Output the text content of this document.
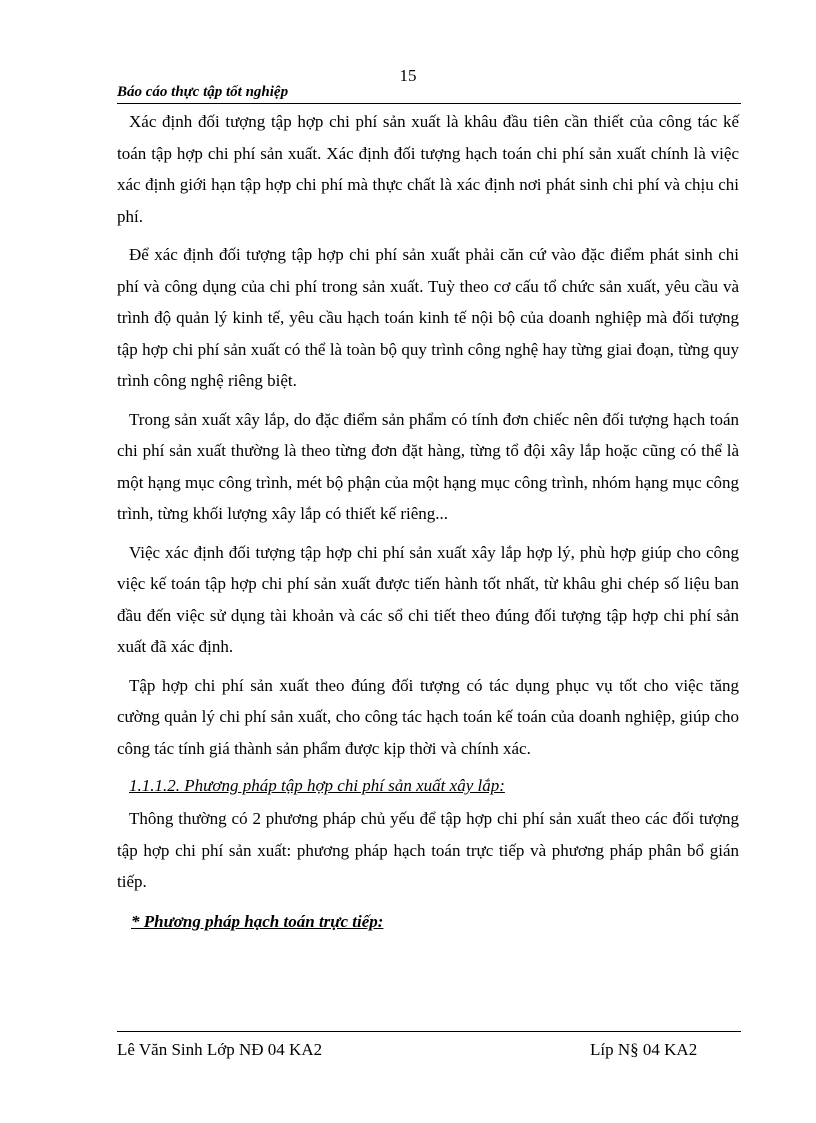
15
Báo cáo thực tập tốt nghiệp

Xác định đối tượng tập hợp chi phí sản xuất là khâu đầu tiên cần thiết của công tác kế toán tập hợp chi phí sản xuất. Xác định đối tượng hạch toán chi phí sản xuất chính là việc xác định giới hạn tập hợp chi phí mà thực chất là xác định nơi phát sinh chi phí và chịu chi phí.

Để xác định đối tượng tập hợp chi phí sản xuất phải căn cứ vào đặc điểm phát sinh chi phí và công dụng của chi phí trong sản xuất. Tuỳ theo cơ cấu tổ chức sản xuất, yêu cầu và trình độ quản lý kinh tế, yêu cầu hạch toán kinh tế nội bộ của doanh nghiệp mà đối tượng tập hợp chi phí sản xuất có thể là toàn bộ quy trình công nghệ hay từng giai đoạn, từng quy trình công nghệ riêng biệt.

Trong sản xuất xây lắp, do đặc điểm sản phẩm có tính đơn chiếc nên đối tượng hạch toán chi phí sản xuất thường là theo từng đơn đặt hàng, từng tổ đội xây lắp hoặc cũng có thể là một hạng mục công trình, mét bộ phận của một hạng mục công trình, nhóm hạng mục công trình, từng khối lượng xây lắp có thiết kế riêng...

Việc xác định đối tượng tập hợp chi phí sản xuất xây lắp hợp lý, phù hợp giúp cho công việc kế toán tập hợp chi phí sản xuất được tiến hành tốt nhất, từ khâu ghi chép số liệu ban đầu đến việc sử dụng tài khoản và các sổ chi tiết theo đúng đối tượng tập hợp chi phí sản xuất đã xác định.

Tập hợp chi phí sản xuất theo đúng đối tượng có tác dụng phục vụ tốt cho việc tăng cường quản lý chi phí sản xuất, cho công tác hạch toán kế toán của doanh nghiệp, giúp cho công tác tính giá thành sản phẩm được kịp thời và chính xác.

1.1.1.2. Phương pháp tập hợp chi phí sản xuất xây lắp:

Thông thường có 2 phương pháp chủ yếu để tập hợp chi phí sản xuất theo các đối tượng tập hợp chi phí sản xuất: phương pháp hạch toán trực tiếp và phương pháp phân bổ gián tiếp.

* Phương pháp hạch toán trực tiếp:

Lê Văn Sinh Lớp NĐ 04 KA2	Líp N§ 04 KA2
